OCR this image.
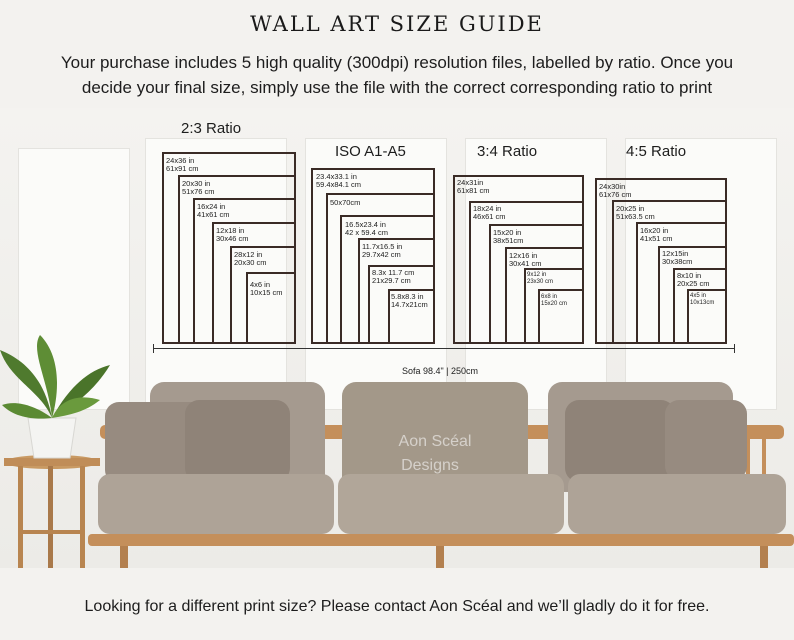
WALL ART SIZE GUIDE
Your purchase includes 5 high quality (300dpi) resolution files, labelled by ratio. Once you
decide your final size, simply use the file with the correct corresponding ratio to print
2:3 Ratio
ISO A1-A5	3:4 Ratio	4:5 Ratio
24x36 in
61x91 cm
20x30 in
51x76 cm
16x24 in
41x61 cm
12x18 in
30x46 cm
28x12 in
20x30 cm
4x6 in
10x15 cm
23.4x33.1 in
59.4x84.1 cm
50x70cm
16.5x23.4 in
42 x 59.4 cm
11.7x16.5 in
29.7x42 cm
8.3x 11.7 cm
21x29.7 cm
5.8x8.3 in
14.7x21cm
24x31in
61x81 cm
18x24 in
46x61 cm
15x20 in
38x51cm
12x16 in
30x41 cm
9x12 in
23x30 cm
6x8 in
15x20 cm
24x30in
61x76 cm
20x25 in
51x63.5 cm
16x20 in
41x51 cm
12x15in
30x38cm
8x10 in
20x25 cm
4x5 in
10x13cm
Sofa 98.4" | 250cm
Aon Scéal
Designs
Looking for a different print size? Please contact Aon Scéal and we’ll gladly do it for free.
